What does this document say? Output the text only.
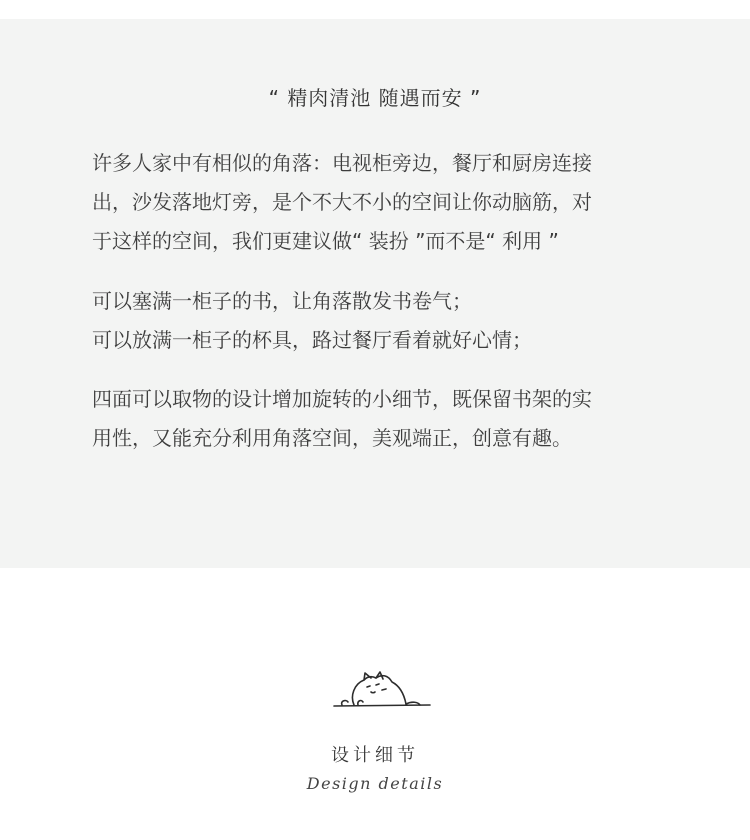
“ 精肉清池 随遇而安 ”

许多人家中有相似的角落：电视柜旁边，餐厅和厨房连接
出，沙发落地灯旁，是个不大不小的空间让你动脑筋，对
于这样的空间，我们更建议做“ 装扮 ”而不是“ 利用 ”

可以塞满一柜子的书，让角落散发书卷气；
可以放满一柜子的杯具，路过餐厅看着就好心情；

四面可以取物的设计增加旋转的小细节，既保留书架的实
用性，又能充分利用角落空间，美观端正，创意有趣。

设计细节
Design details
